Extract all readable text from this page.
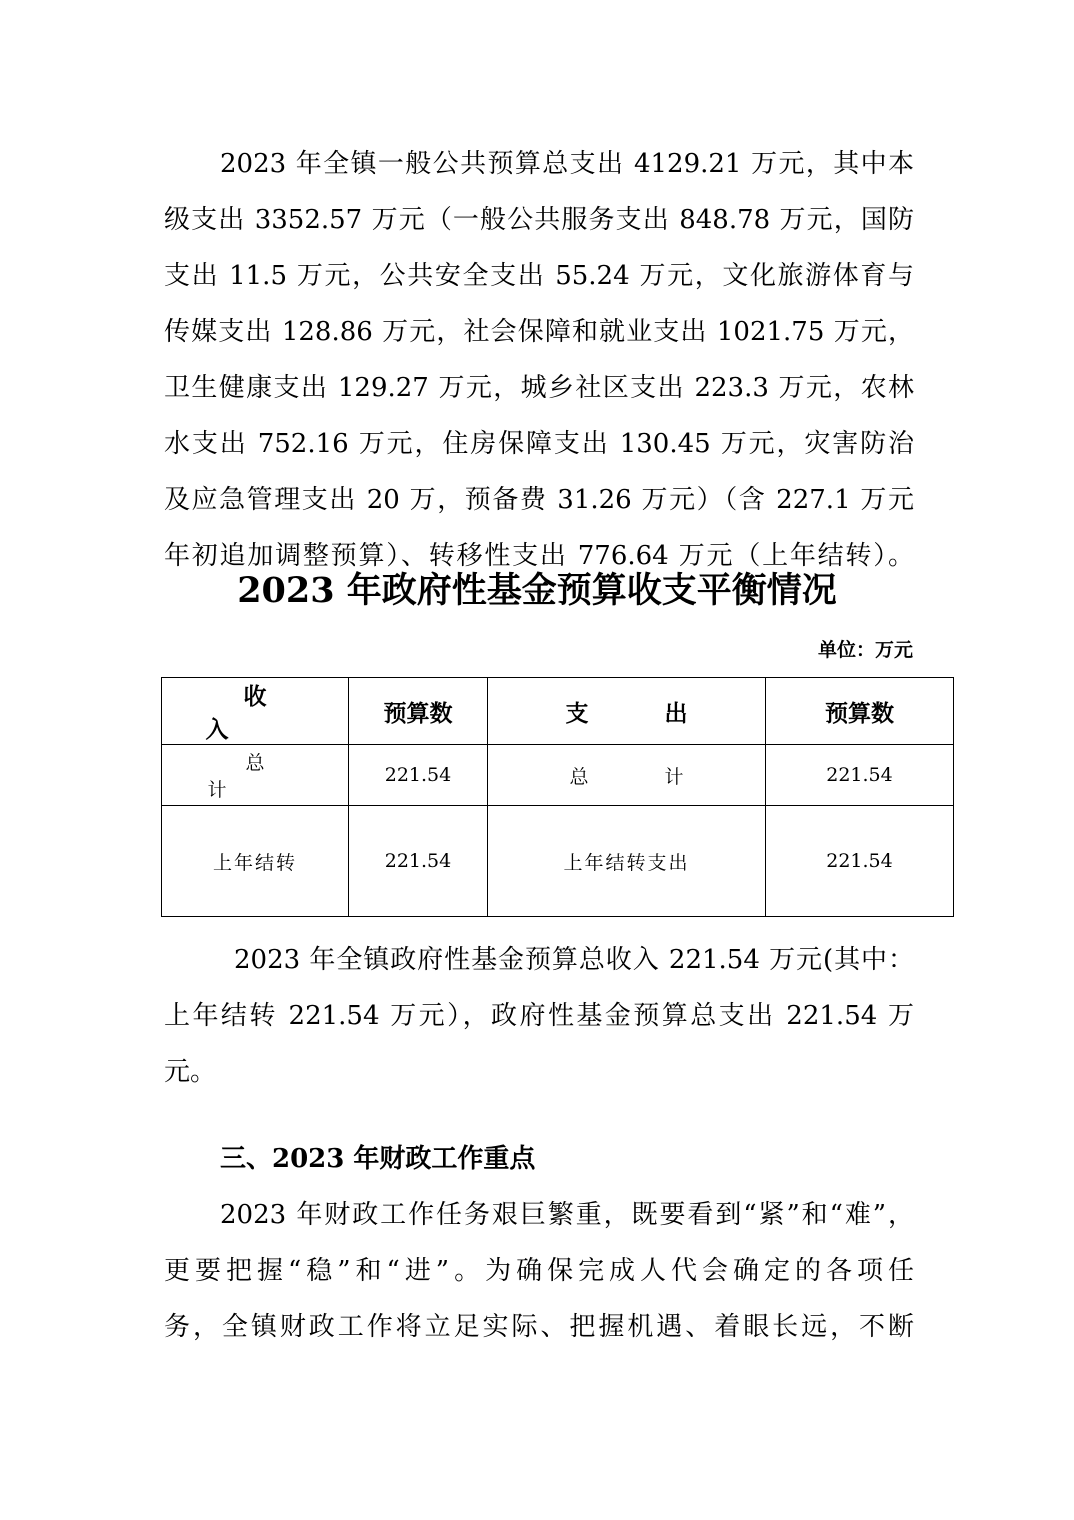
2023 年全镇一般公共预算总支出 4129.21 万元，其中本
级支出 3352.57 万元（一般公共服务支出 848.78 万元，国防
支出 11.5 万元，公共安全支出 55.24 万元，文化旅游体育与
传媒支出 128.86 万元，社会保障和就业支出 1021.75 万元，
卫生健康支出 129.27 万元，城乡社区支出 223.3 万元，农林
水支出 752.16 万元，住房保障支出 130.45 万元，灾害防治
及应急管理支出 20 万，预备费 31.26 万元）（含 227.1 万元
年初追加调整预算）、转移性支出 776.64 万元（上年结转）。
2023 年政府性基金预算收支平衡情况
单位：万元
收入	预算数	支出	预算数
总计	221.54	总计	221.54
上年结转	221.54	上年结转支出	221.54
2023 年全镇政府性基金预算总收入 221.54 万元(其中：
上年结转 221.54 万元），政府性基金预算总支出 221.54 万
元。
三、2023 年财政工作重点
2023 年财政工作任务艰巨繁重，既要看到“紧”和“难”，
更要把握“稳”和“进”。为确保完成人代会确定的各项任
务，全镇财政工作将立足实际、把握机遇、着眼长远，不断
